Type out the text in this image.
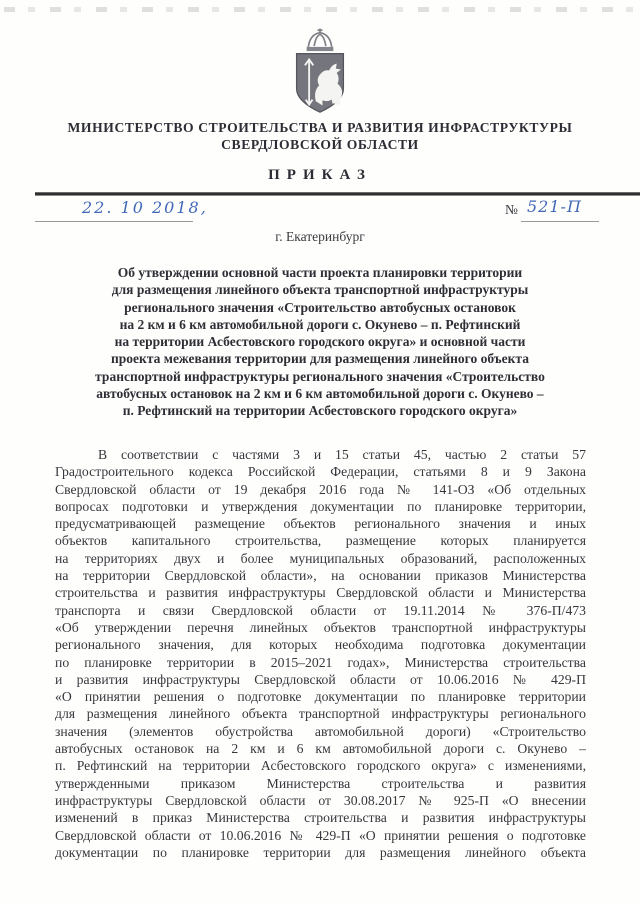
МИНИСТЕРСТВО СТРОИТЕЛЬСТВА И РАЗВИТИЯ ИНФРАСТРУКТУРЫ
СВЕРДЛОВСКОЙ ОБЛАСТИ
ПРИКАЗ
22. 10 2018,	№ 521-П
г. Екатеринбург
Об утверждении основной части проекта планировки территории
для размещения линейного объекта транспортной инфраструктуры
регионального значения «Строительство автобусных остановок
на 2 км и 6 км автомобильной дороги с. Окунево – п. Рефтинский
на территории Асбестовского городского округа» и основной части
проекта межевания территории для размещения линейного объекта
транспортной инфраструктуры регионального значения «Строительство
автобусных остановок на 2 км и 6 км автомобильной дороги с. Окунево –
п. Рефтинский на территории Асбестовского городского округа»
В соответствии с частями 3 и 15 статьи 45, частью 2 статьи 57
Градостроительного кодекса Российской Федерации, статьями 8 и 9 Закона
Свердловской области от 19 декабря 2016 года № 141-ОЗ «Об отдельных
вопросах подготовки и утверждения документации по планировке территории,
предусматривающей размещение объектов регионального значения и иных
объектов капитального строительства, размещение которых планируется
на территориях двух и более муниципальных образований, расположенных
на территории Свердловской области», на основании приказов Министерства
строительства и развития инфраструктуры Свердловской области и Министерства
транспорта и связи Свердловской области от 19.11.2014 № 376-П/473
«Об утверждении перечня линейных объектов транспортной инфраструктуры
регионального значения, для которых необходима подготовка документации
по планировке территории в 2015–2021 годах», Министерства строительства
и развития инфраструктуры Свердловской области от 10.06.2016 № 429-П
«О принятии решения о подготовке документации по планировке территории
для размещения линейного объекта транспортной инфраструктуры регионального
значения (элементов обустройства автомобильной дороги) «Строительство
автобусных остановок на 2 км и 6 км автомобильной дороги с. Окунево –
п. Рефтинский на территории Асбестовского городского округа» с изменениями,
утвержденными приказом Министерства строительства и развития
инфраструктуры Свердловской области от 30.08.2017 № 925-П «О внесении
изменений в приказ Министерства строительства и развития инфраструктуры
Свердловской области от 10.06.2016 № 429-П «О принятии решения о подготовке
документации по планировке территории для размещения линейного объекта
